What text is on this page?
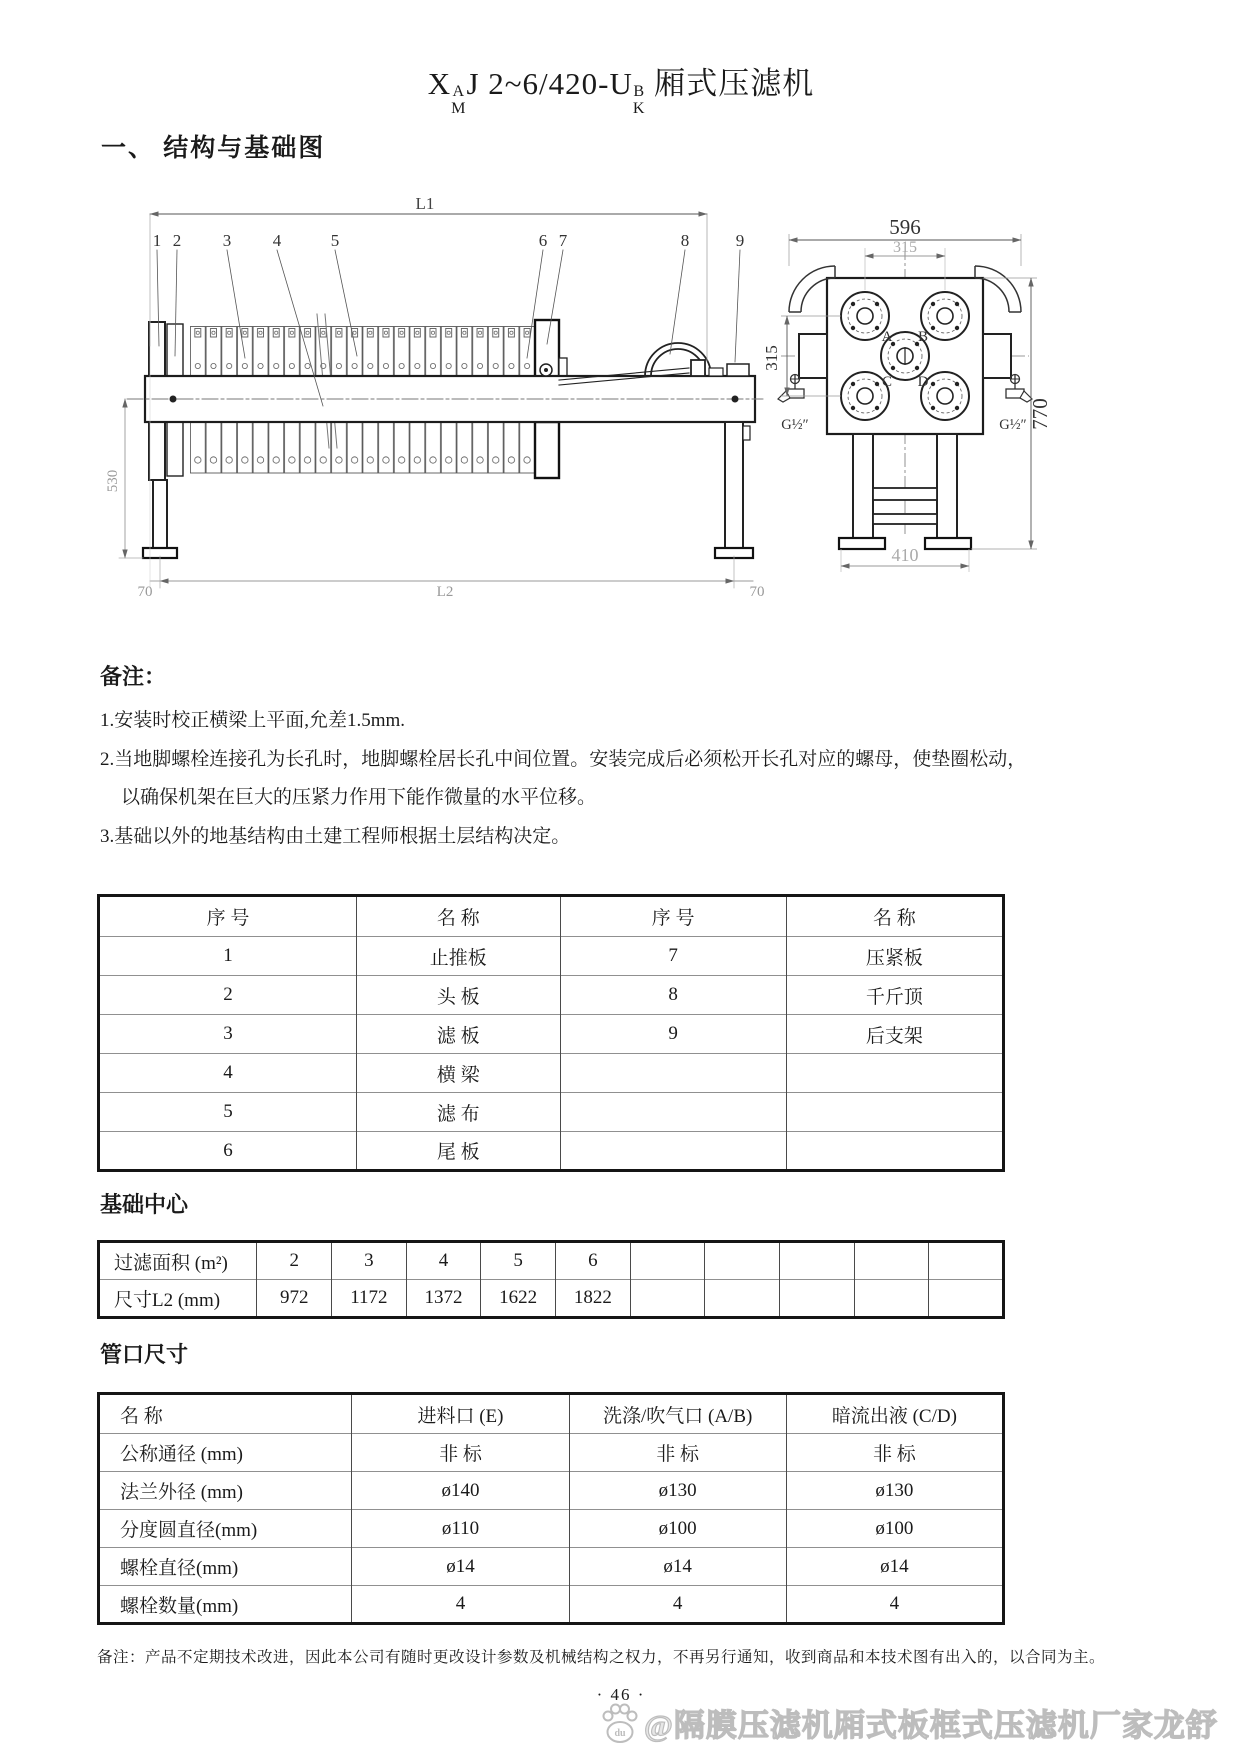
X A
M
J 2~6/420-U B
K
厢式压滤机
一、 结构与基础图
L1
1 2 3 4	5	6 7	8	9
530
70	L2	70
A B
C D
G½″	G½″
596
315
315
770
410
备注：
1.安装时校正横梁上平面,允差1.5mm.
2.当地脚螺栓连接孔为长孔时，地脚螺栓居长孔中间位置。安装完成后必须松开长孔对应的螺母，使垫圈松动，
以确保机架在巨大的压紧力作用下能作微量的水平位移。
3.基础以外的地基结构由土建工程师根据土层结构决定。
序 号	名 称	序 号	名 称
1	止推板	7	压紧板
2	头 板	8	千斤顶
3	滤 板	9	后支架
4	横 梁		
5	滤 布		
6	尾 板		
基础中心
过滤面积 (m²)	2	3	4	5	6					
尺寸L2 (mm)	972	1172	1372	1622	1822					
管口尺寸
名 称	进料口 (E)	洗涤/吹气口 (A/B)	暗流出液 (C/D)
公称通径 (mm)	非 标	非 标	非 标
法兰外径 (mm)	ø140	ø130	ø130
分度圆直径(mm)	ø110	ø100	ø100
螺栓直径(mm)	ø14	ø14	ø14
螺栓数量(mm)	4	4	4
备注：产品不定期技术改进，因此本公司有随时更改设计参数及机械结构之权力，不再另行通知，收到商品和本技术图有出入的，以合同为主。
· 46 ·
du @隔膜压滤机厢式板框式压滤机厂家龙舒
